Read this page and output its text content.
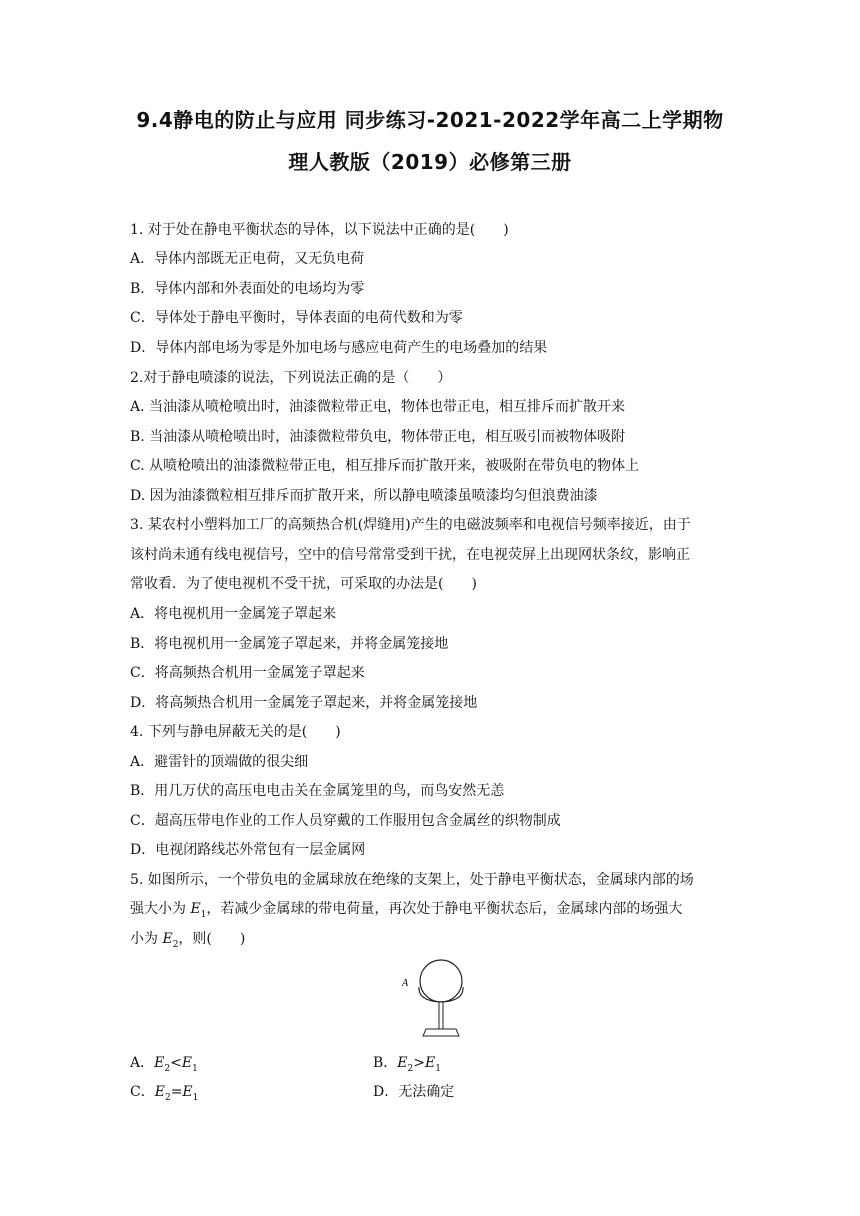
9.4静电的防止与应用 同步练习-2021-2022学年高二上学期物
理人教版（2019）必修第三册
1. 对于处在静电平衡状态的导体，以下说法中正确的是(　　)
A．导体内部既无正电荷，又无负电荷
B．导体内部和外表面处的电场均为零
C．导体处于静电平衡时，导体表面的电荷代数和为零
D．导体内部电场为零是外加电场与感应电荷产生的电场叠加的结果
2.对于静电喷漆的说法，下列说法正确的是（　　）
A. 当油漆从喷枪喷出时，油漆微粒带正电，物体也带正电，相互排斥而扩散开来
B. 当油漆从喷枪喷出时，油漆微粒带负电，物体带正电，相互吸引而被物体吸附
C. 从喷枪喷出的油漆微粒带正电，相互排斥而扩散开来，被吸附在带负电的物体上
D. 因为油漆微粒相互排斥而扩散开来，所以静电喷漆虽喷漆均匀但浪费油漆
3. 某农村小塑料加工厂的高频热合机(焊缝用)产生的电磁波频率和电视信号频率接近，由于
该村尚未通有线电视信号，空中的信号常常受到干扰，在电视荧屏上出现网状条纹，影响正
常收看．为了使电视机不受干扰，可采取的办法是(　　)
A．将电视机用一金属笼子罩起来
B．将电视机用一金属笼子罩起来，并将金属笼接地
C．将高频热合机用一金属笼子罩起来
D．将高频热合机用一金属笼子罩起来，并将金属笼接地
4. 下列与静电屏蔽无关的是(　　)
A．避雷针的顶端做的很尖细
B．用几万伏的高压电电击关在金属笼里的鸟，而鸟安然无恙
C．超高压带电作业的工作人员穿戴的工作服用包含金属丝的织物制成
D．电视闭路线芯外常包有一层金属网
5. 如图所示，一个带负电的金属球放在绝缘的支架上，处于静电平衡状态，金属球内部的场
强大小为 $E_1$，若减少金属球的带电荷量，再次处于静电平衡状态后，金属球内部的场强大
小为 $E_2$，则(　　)
A
A．$E_2<E_1$	B．$E_2>E_1$
C．$E_2=E_1$	D．无法确定
